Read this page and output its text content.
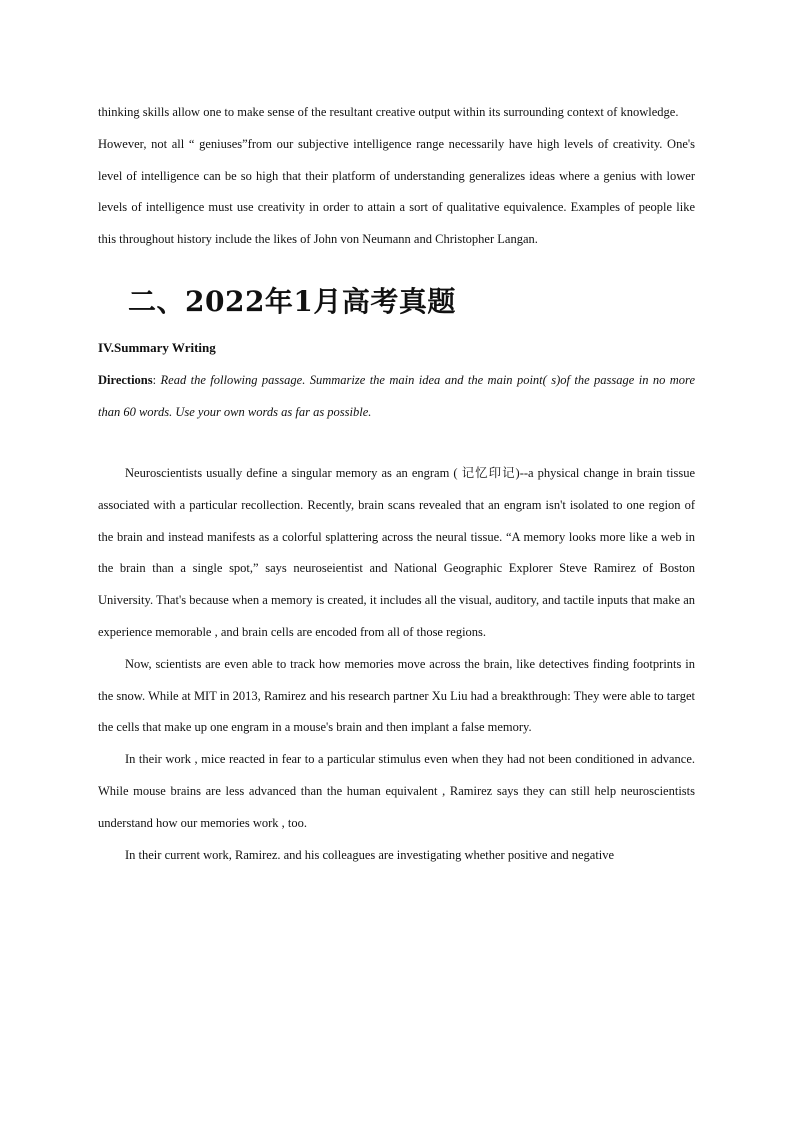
thinking skills allow one to make sense of the resultant creative output within its surrounding context of knowledge.

However, not all “ geniuses”from our subjective intelligence range necessarily have high levels of creativity. One's level of intelligence can be so high that their platform of understanding generalizes ideas where a genius with lower levels of intelligence must use creativity in order to attain a sort of qualitative equivalence. Examples of people like this throughout history include the likes of John von Neumann and Christopher Langan.

二、2022年1月高考真题

IV.Summary Writing

Directions: Read the following passage. Summarize the main idea and the main point( s)of the passage in no more than 60 words. Use your own words as far as possible.

Neuroscientists usually define a singular memory as an engram ( 记忆印记)--a physical change in brain tissue associated with a particular recollection. Recently, brain scans revealed that an engram isn't isolated to one region of the brain and instead manifests as a colorful splattering across the neural tissue. “A memory looks more like a web in the brain than a single spot,” says neuroseientist and National Geographic Explorer Steve Ramirez of Boston University. That's because when a memory is created, it includes all the visual, auditory, and tactile inputs that make an experience memorable , and brain cells are encoded from all of those regions.

Now, scientists are even able to track how memories move across the brain, like detectives finding footprints in the snow. While at MIT in 2013, Ramirez and his research partner Xu Liu had a breakthrough: They were able to target the cells that make up one engram in a mouse's brain and then implant a false memory.

In their work , mice reacted in fear to a particular stimulus even when they had not been conditioned in advance. While mouse brains are less advanced than the human equivalent , Ramirez says they can still help neuroscientists understand how our memories work , too.

In their current work, Ramirez. and his colleagues are investigating whether positive and negative
